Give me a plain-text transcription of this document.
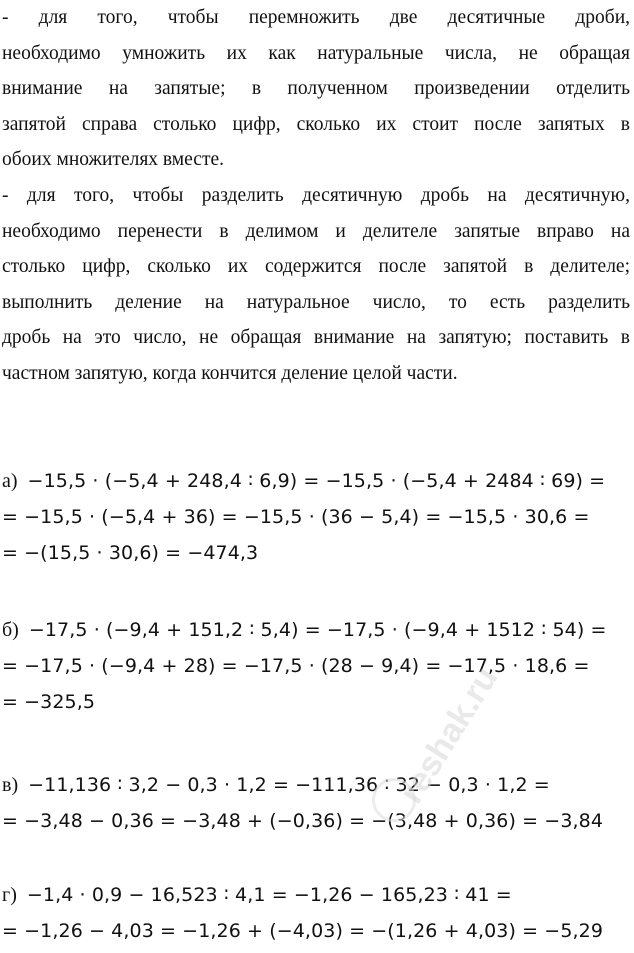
- для того, чтобы перемножить две десятичные дроби,
необходимо умножить их как натуральные числа, не обращая
внимание на запятые; в полученном произведении отделить
запятой справа столько цифр, сколько их стоит после запятых в
обоих множителях вместе.
- для того, чтобы разделить десятичную дробь на десятичную,
необходимо перенести в делимом и делителе запятые вправо на
столько цифр, сколько их содержится после запятой в делителе;
выполнить деление на натуральное число, то есть разделить
дробь на это число, не обращая внимание на запятую; поставить в
частном запятую, когда кончится деление целой части.
а) −15,5 · (−5,4 + 248,4 ∶ 6,9) = −15,5 · (−5,4 + 2484 ∶ 69) =
= −15,5 · (−5,4 + 36) = −15,5 · (36 − 5,4) = −15,5 · 30,6 =
= −(15,5 · 30,6) = −474,3
б) −17,5 · (−9,4 + 151,2 ∶ 5,4) = −17,5 · (−9,4 + 1512 ∶ 54) =
= −17,5 · (−9,4 + 28) = −17,5 · (28 − 9,4) = −17,5 · 18,6 =
= −325,5
в) −11,136 ∶ 3,2 − 0,3 · 1,2 = −111,36 ∶ 32 − 0,3 · 1,2 =
= −3,48 − 0,36 = −3,48 + (−0,36) = −(3,48 + 0,36) = −3,84
г) −1,4 · 0,9 − 16,523 ∶ 4,1 = −1,26 − 165,23 ∶ 41 =
= −1,26 − 4,03 = −1,26 + (−4,03) = −(1,26 + 4,03) = −5,29
reshak.ru
